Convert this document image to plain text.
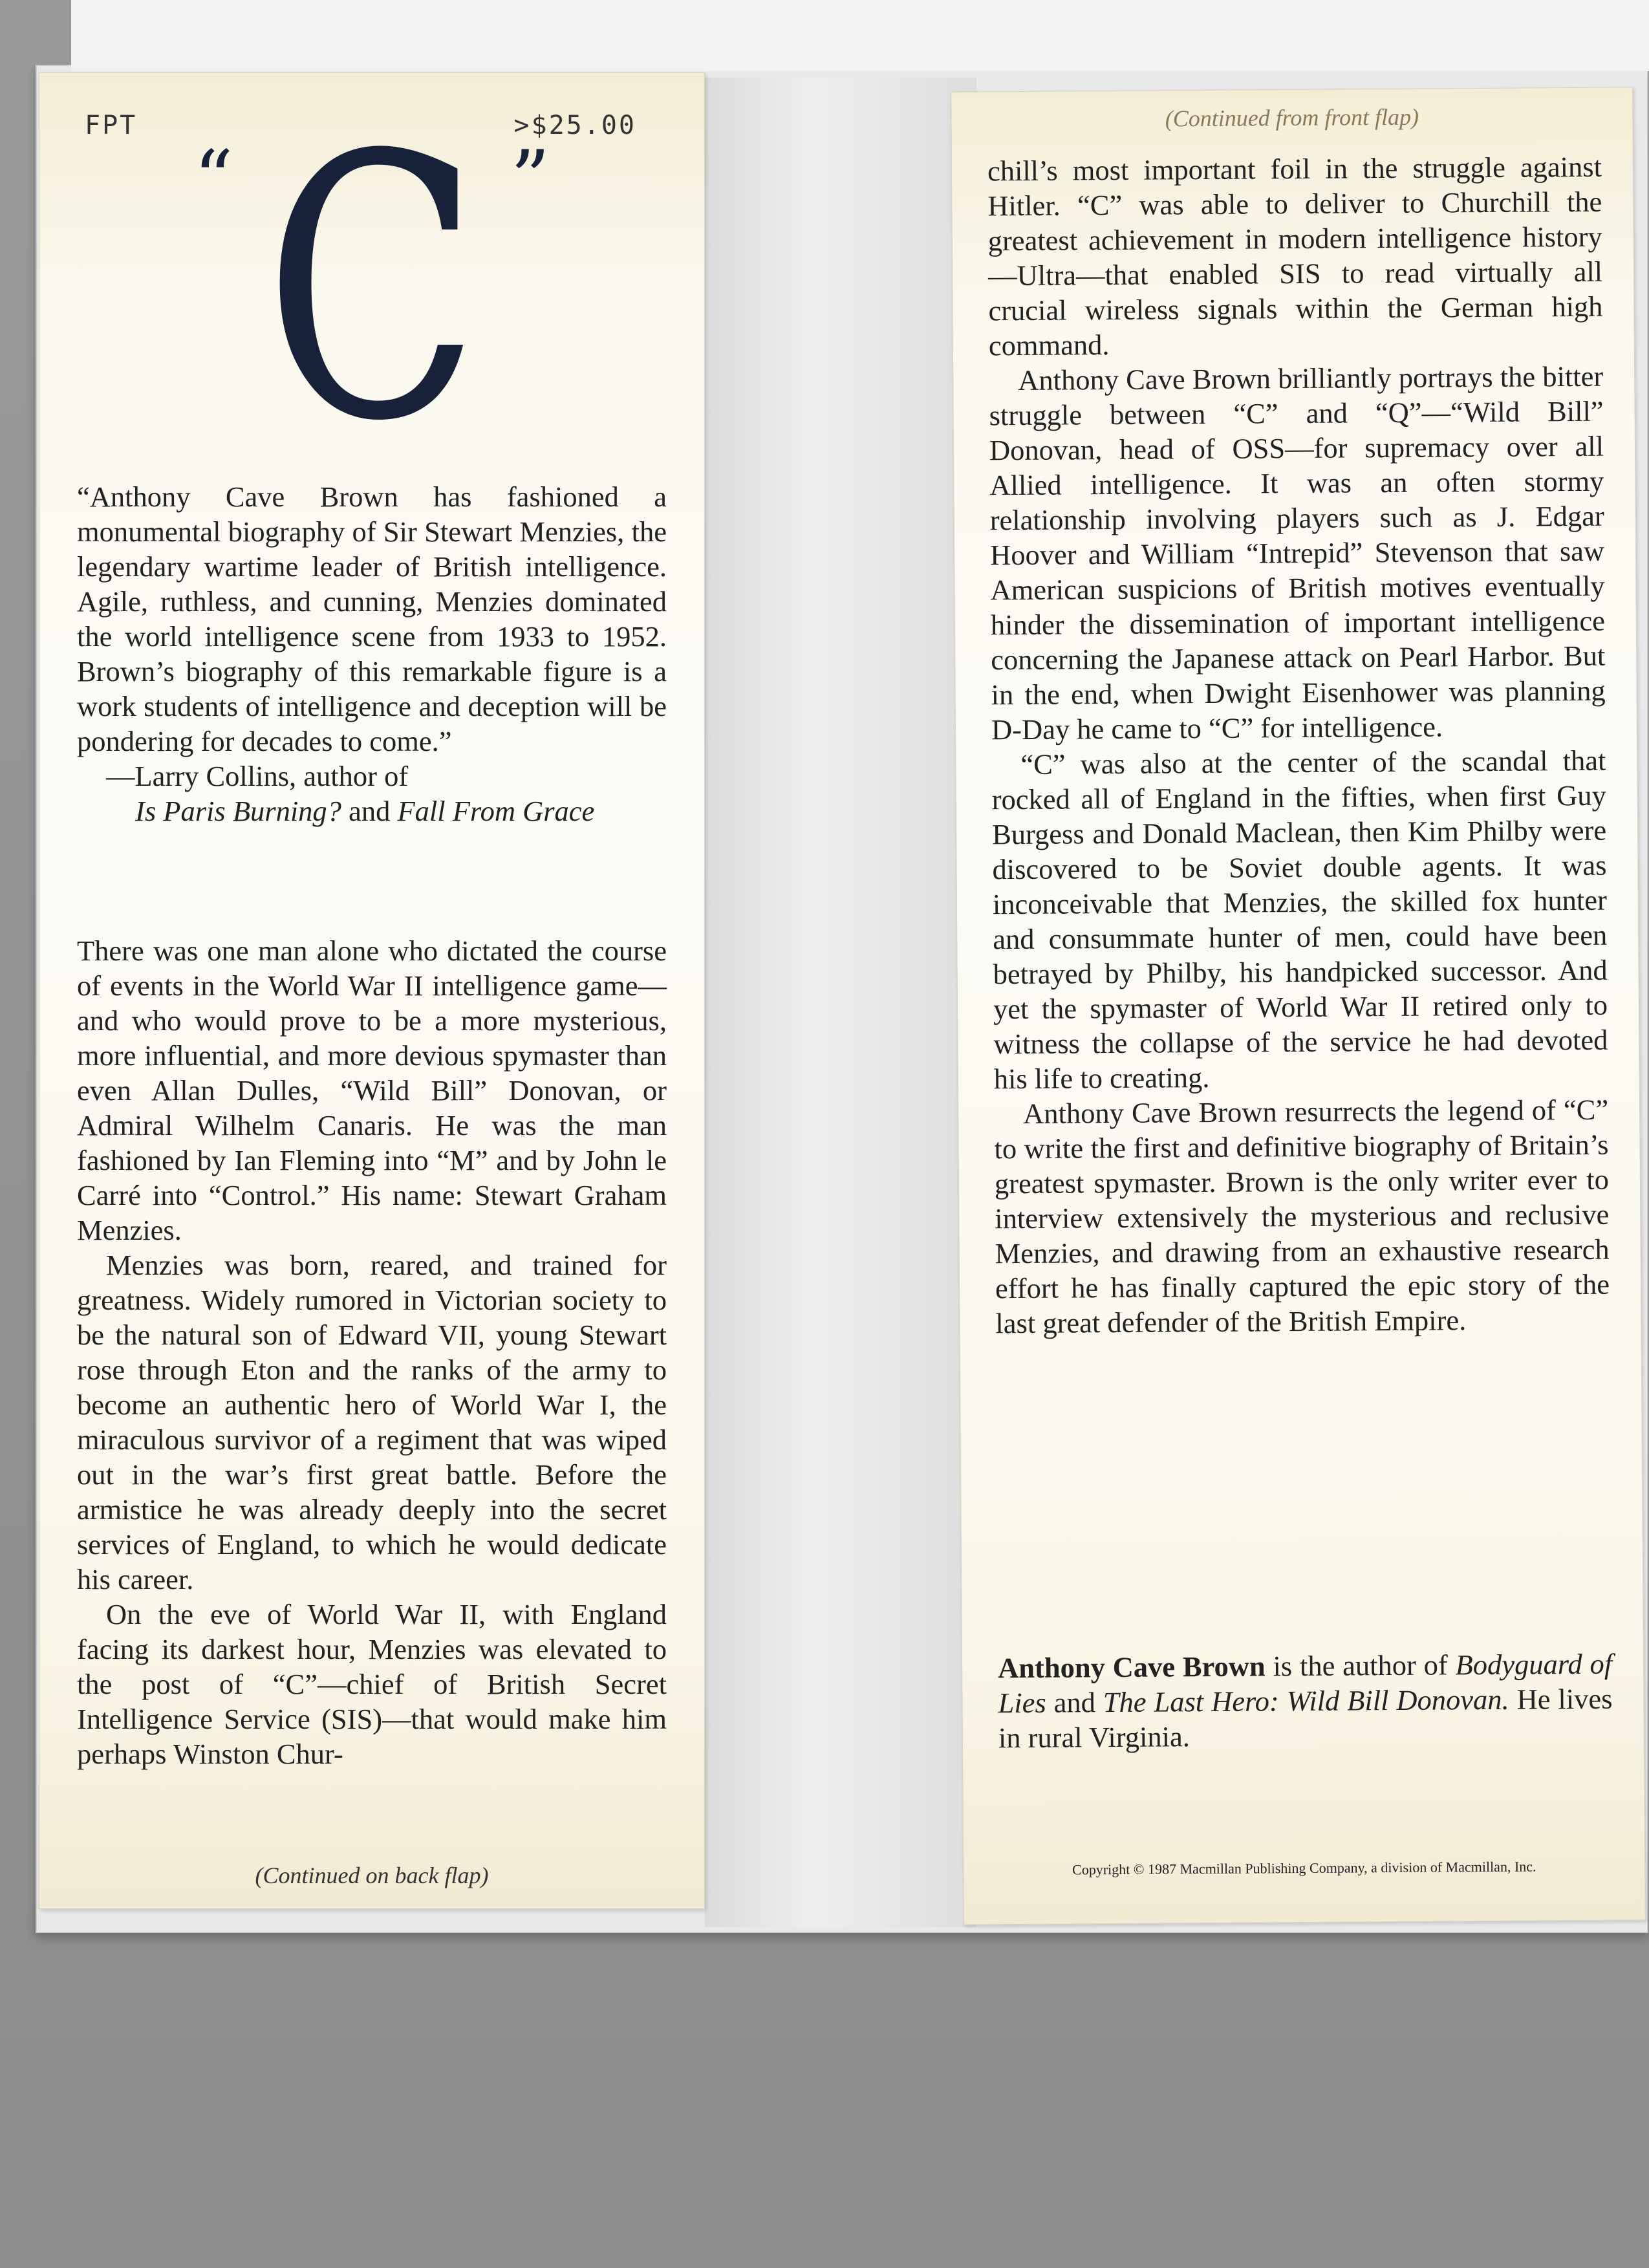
FPT	>$25.00
“C ”

“Anthony Cave Brown has fashioned a monumental biography of Sir Stewart Menzies, the legendary wartime leader of British intelligence. Agile, ruthless, and cunning, Menzies dominated the world intelligence scene from 1933 to 1952. Brown’s biography of this remarkable figure is a work students of intelligence and deception will be pondering for decades to come.”

—Larry Collins, author of

Is Paris Burning? and Fall From Grace

There was one man alone who dictated the course of events in the World War II intelligence game—and who would prove to be a more mysterious, more influential, and more devious spymaster than even Allan Dulles, “Wild Bill” Donovan, or Admiral Wilhelm Canaris. He was the man fashioned by Ian Fleming into “M” and by John le Carré into “Control.” His name: Stewart Graham Menzies.

Menzies was born, reared, and trained for greatness. Widely rumored in Victorian society to be the natural son of Edward VII, young Stewart rose through Eton and the ranks of the army to become an authentic hero of World War I, the miraculous survivor of a regiment that was wiped out in the war’s first great battle. Before the armistice he was already deeply into the secret services of England, to which he would dedicate his career.

On the eve of World War II, with England facing its darkest hour, Menzies was elevated to the post of “C”—chief of British Secret Intelligence Service (SIS)—that would make him perhaps Winston Chur-

(Continued on back flap)
(Continued from front flap)

chill’s most important foil in the struggle against Hitler. “C” was able to deliver to Churchill the greatest achievement in modern intelligence history—Ultra—that enabled SIS to read virtually all crucial wireless signals within the German high command.

Anthony Cave Brown brilliantly portrays the bitter struggle between “C” and “Q”—“Wild Bill” Donovan, head of OSS—for supremacy over all Allied intelligence. It was an often stormy relationship involving players such as J. Edgar Hoover and William “Intrepid” Stevenson that saw American suspicions of British motives eventually hinder the dissemination of important intelligence concerning the Japanese attack on Pearl Harbor. But in the end, when Dwight Eisenhower was planning D-Day he came to “C” for intelligence.

“C” was also at the center of the scandal that rocked all of England in the fifties, when first Guy Burgess and Donald Maclean, then Kim Philby were discovered to be Soviet double agents. It was inconceivable that Menzies, the skilled fox hunter and consummate hunter of men, could have been betrayed by Philby, his handpicked successor. And yet the spymaster of World War II retired only to witness the collapse of the service he had devoted his life to creating.

Anthony Cave Brown resurrects the legend of “C” to write the first and definitive biography of Britain’s greatest spymaster. Brown is the only writer ever to interview extensively the mysterious and reclusive Menzies, and drawing from an exhaustive research effort he has finally captured the epic story of the last great defender of the British Empire.

Anthony Cave Brown is the author of Bodyguard of Lies and The Last Hero: Wild Bill Donovan. He lives in rural Virginia.
Copyright © 1987 Macmillan Publishing Company, a division of Macmillan, Inc.
